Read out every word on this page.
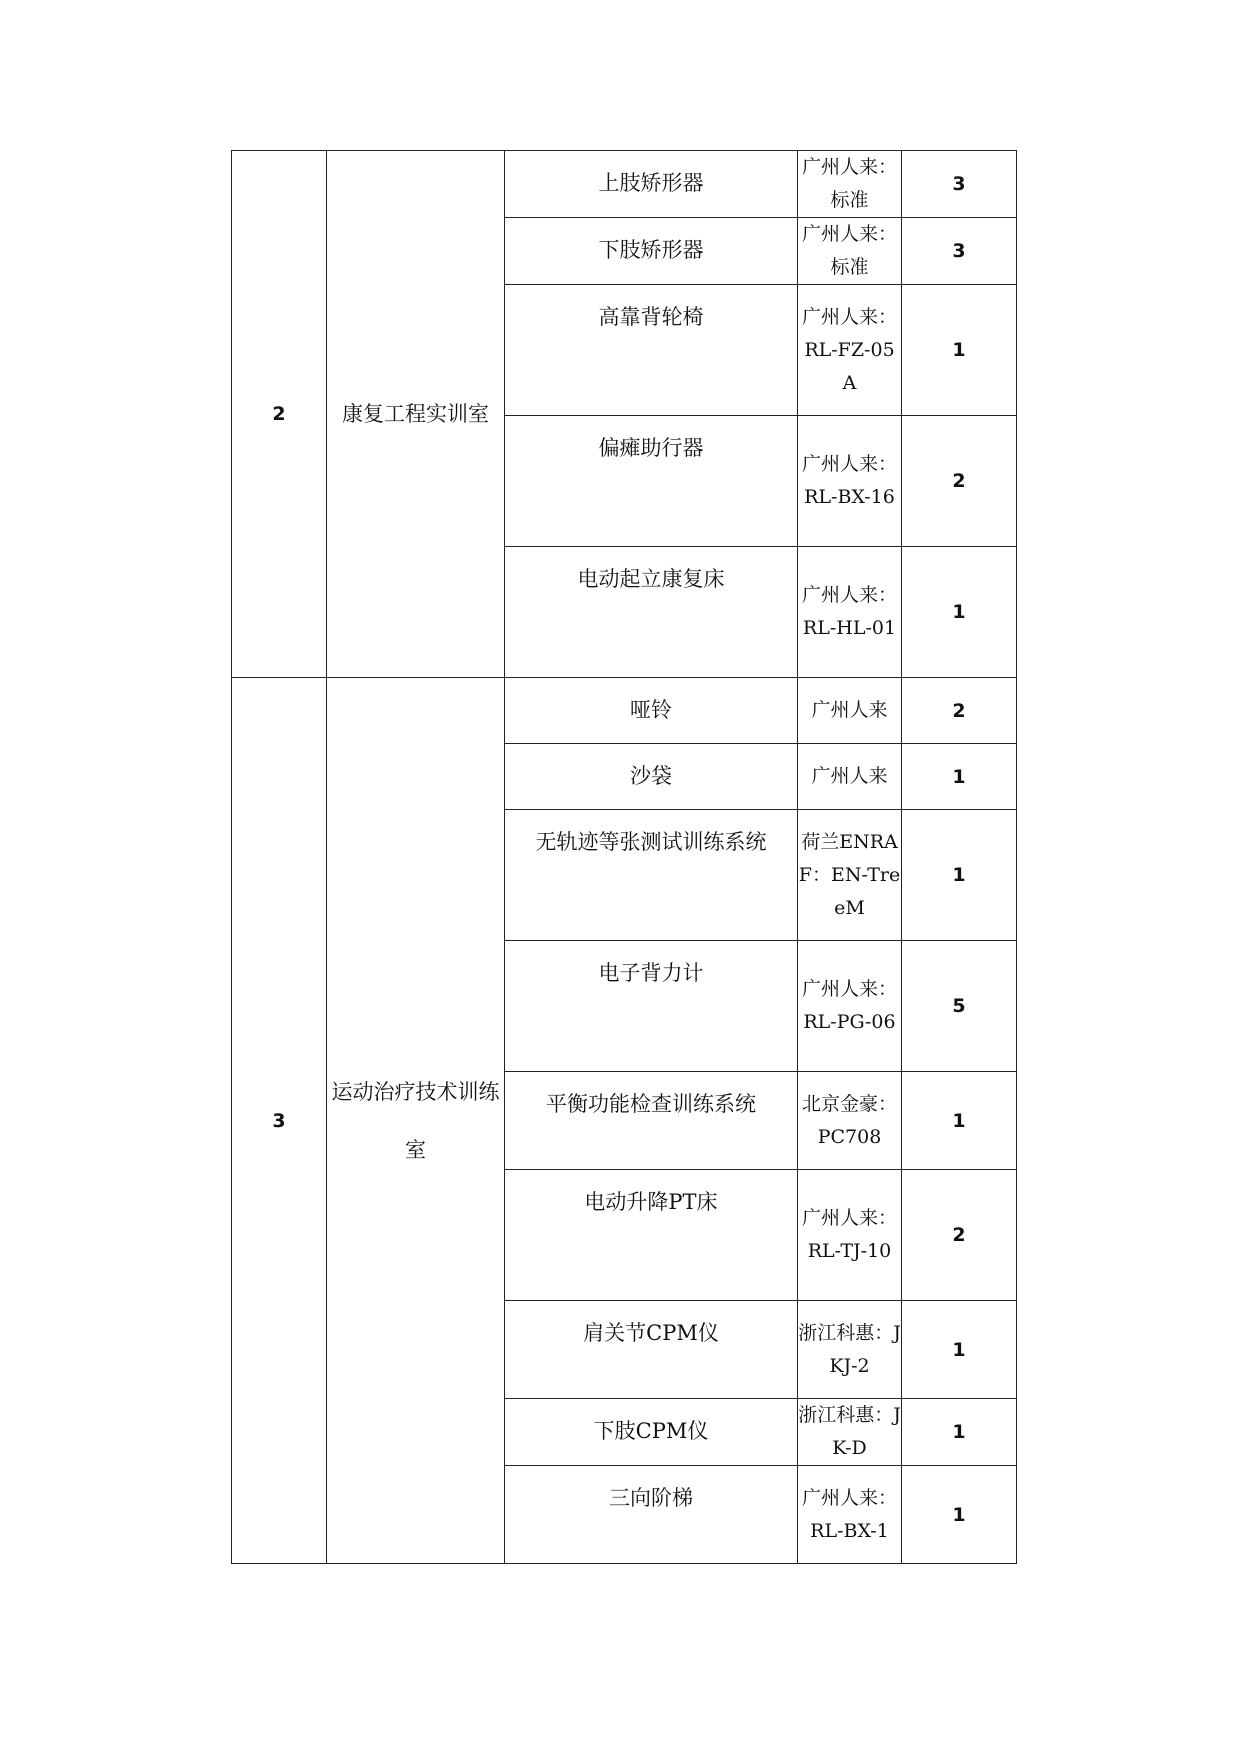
2	康复工程实训室	上肢矫形器	广州人来：标准	3

		下肢矫形器	广州人来：标准	3

		高靠背轮椅	广州人来：RL-FZ-05A	1

		偏瘫助行器	广州人来：RL-BX-16	2

		电动起立康复床	广州人来：RL-HL-01	1
3	运动治疗技术训练室	哑铃	广州人来	2

		沙袋	广州人来	1

		无轨迹等张测试训练系统	荷兰ENRAF：EN-TreeM	1

		电子背力计	广州人来：RL-PG-06	5

		平衡功能检查训练系统	北京金豪：PC708	1

		电动升降PT床	广州人来：RL-TJ-10	2

		肩关节CPM仪	浙江科惠：JKJ-2	1

		下肢CPM仪	浙江科惠：JK-D	1

		三向阶梯	广州人来：RL-BX-1	1
